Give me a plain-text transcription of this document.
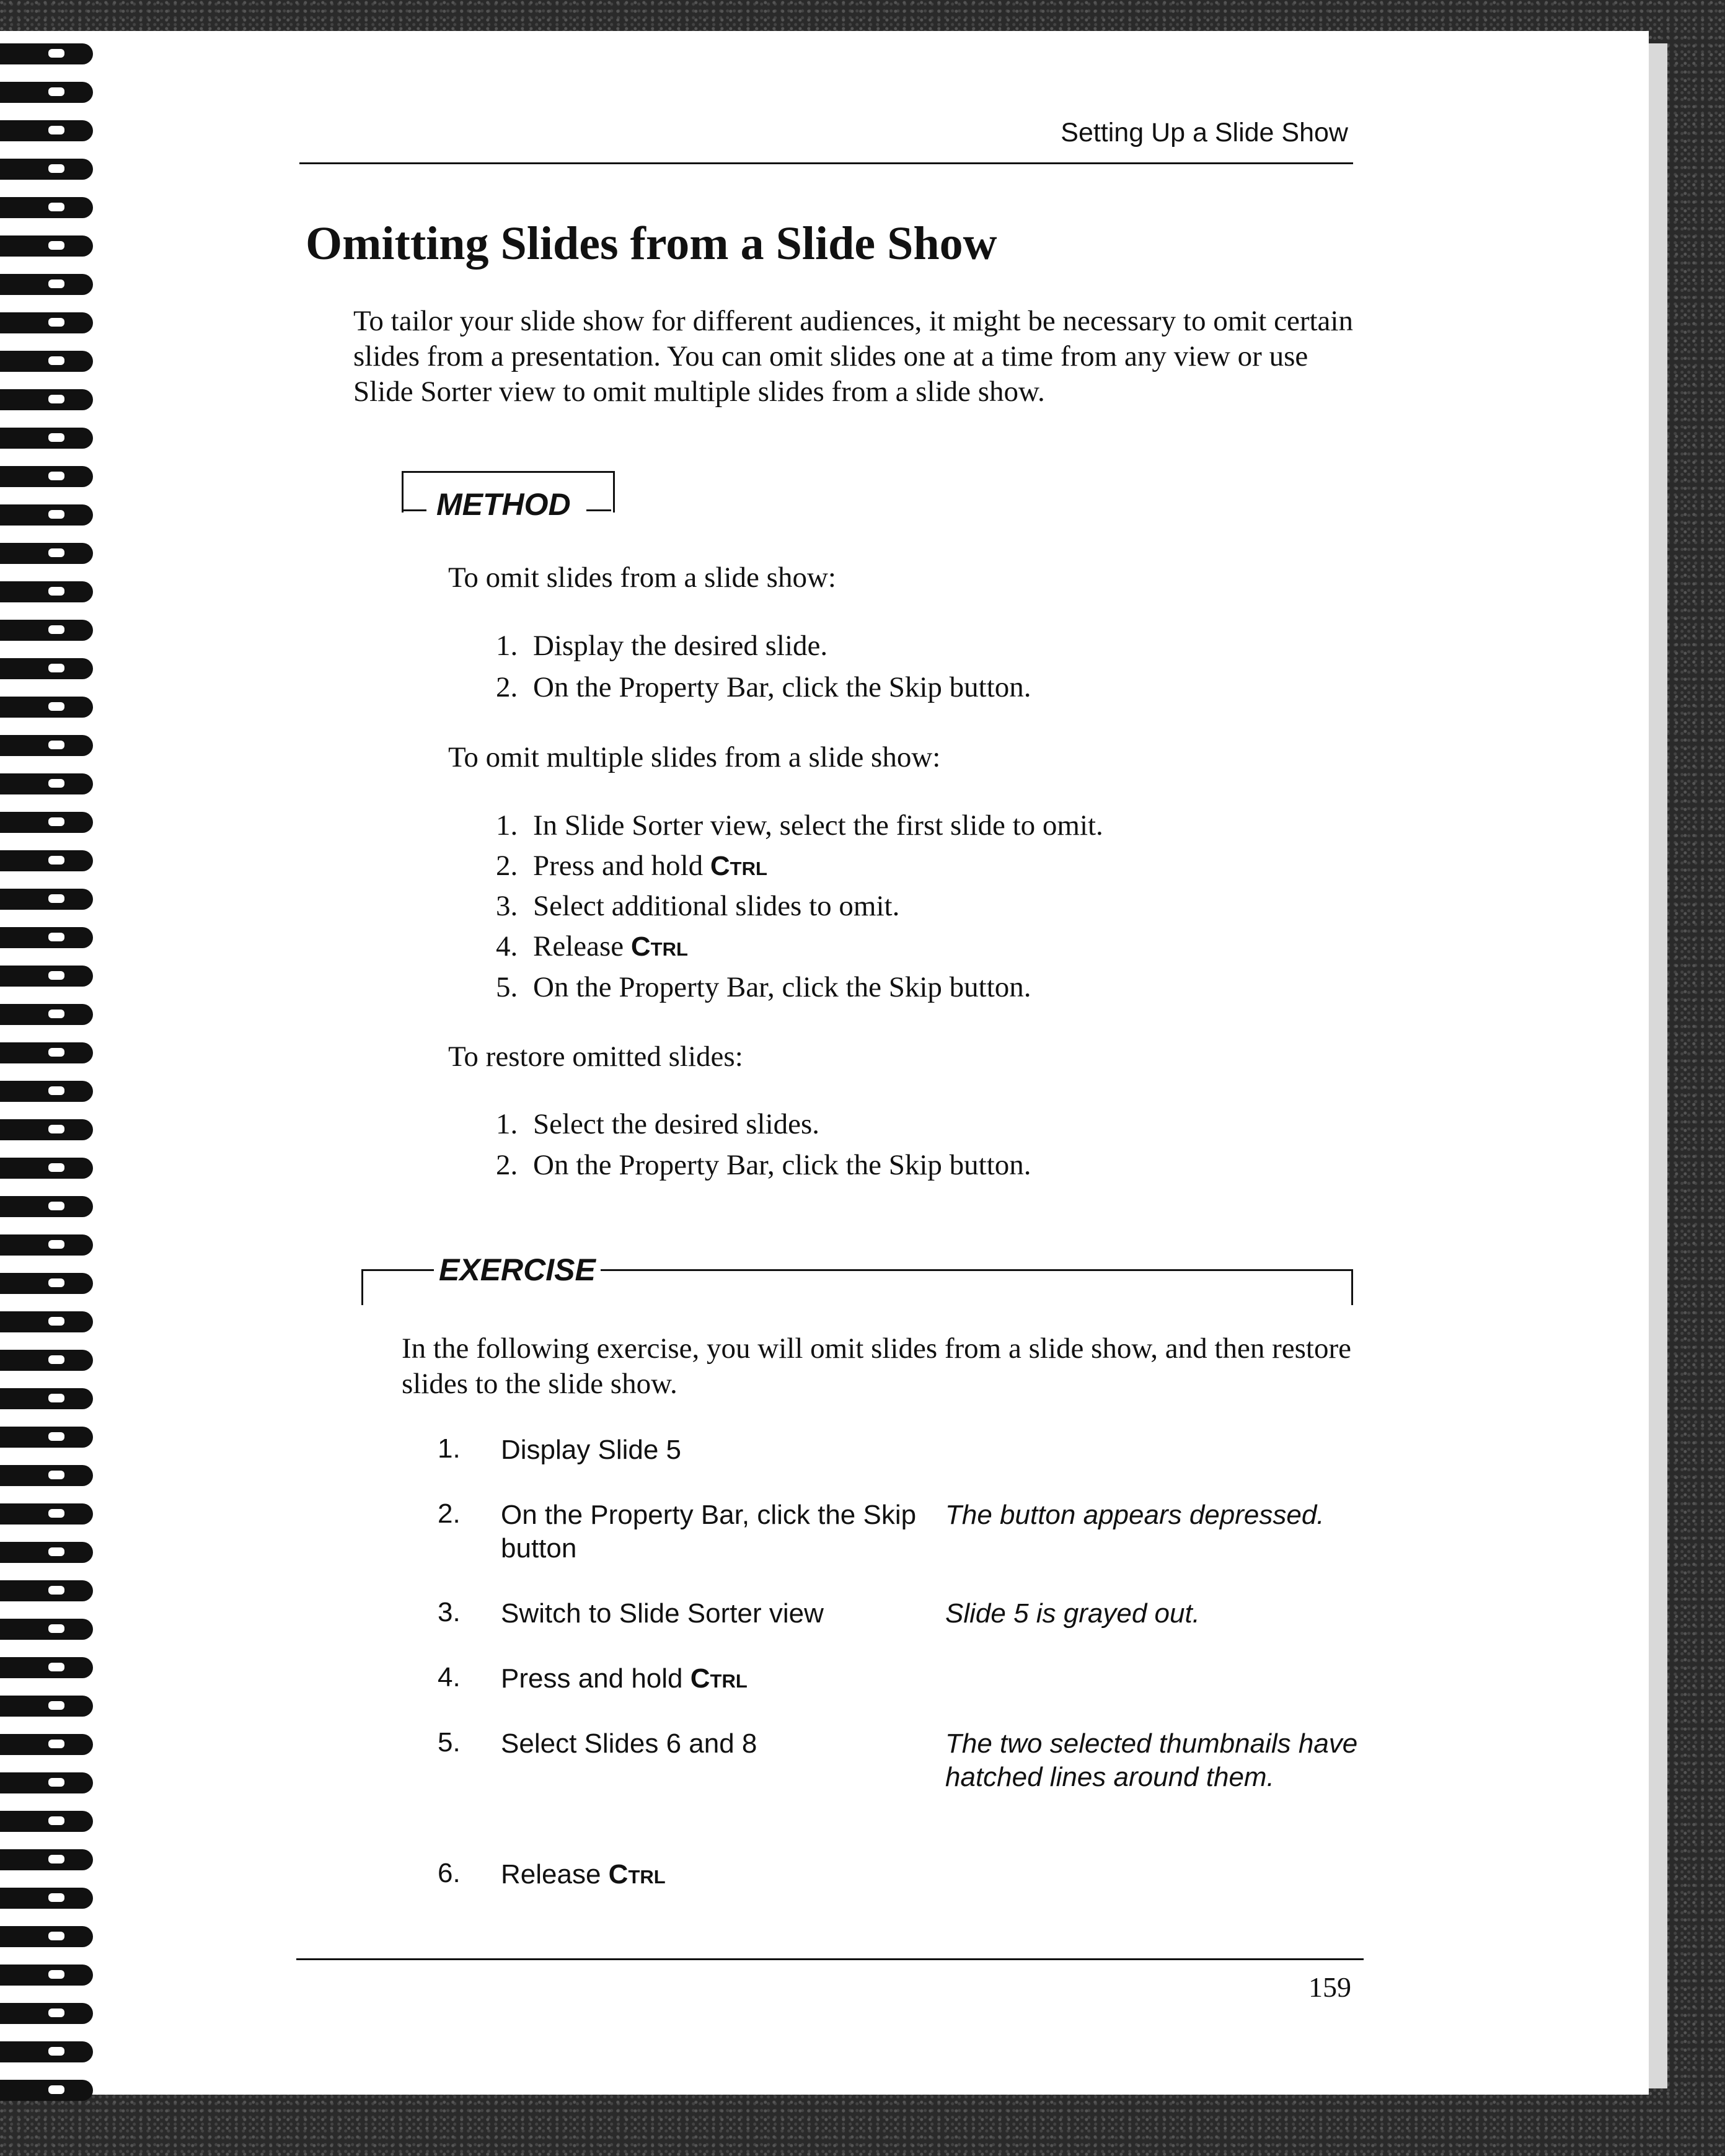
Setting Up a Slide Show
Omitting Slides from a Slide Show
To tailor your slide show for different audiences, it might be necessary to omit certain slides from a presentation. You can omit slides one at a time from any view or use Slide Sorter view to omit multiple slides from a slide show.
METHOD
To omit slides from a slide show:
1. Display the desired slide.
2. On the Property Bar, click the Skip button.
To omit multiple slides from a slide show:
1. In Slide Sorter view, select the first slide to omit.
2. Press and hold Ctrl
3. Select additional slides to omit.
4. Release Ctrl
5. On the Property Bar, click the Skip button.
To restore omitted slides:
1. Select the desired slides.
2. On the Property Bar, click the Skip button.
EXERCISE
In the following exercise, you will omit slides from a slide show, and then restore slides to the slide show.
1. Display Slide 5
2. On the Property Bar, click the Skip button
The button appears depressed.
3. Switch to Slide Sorter view	Slide 5 is grayed out.
4. Press and hold Ctrl
5. Select Slides 6 and 8	The two selected thumbnails have hatched lines around them.
6. Release Ctrl
159
